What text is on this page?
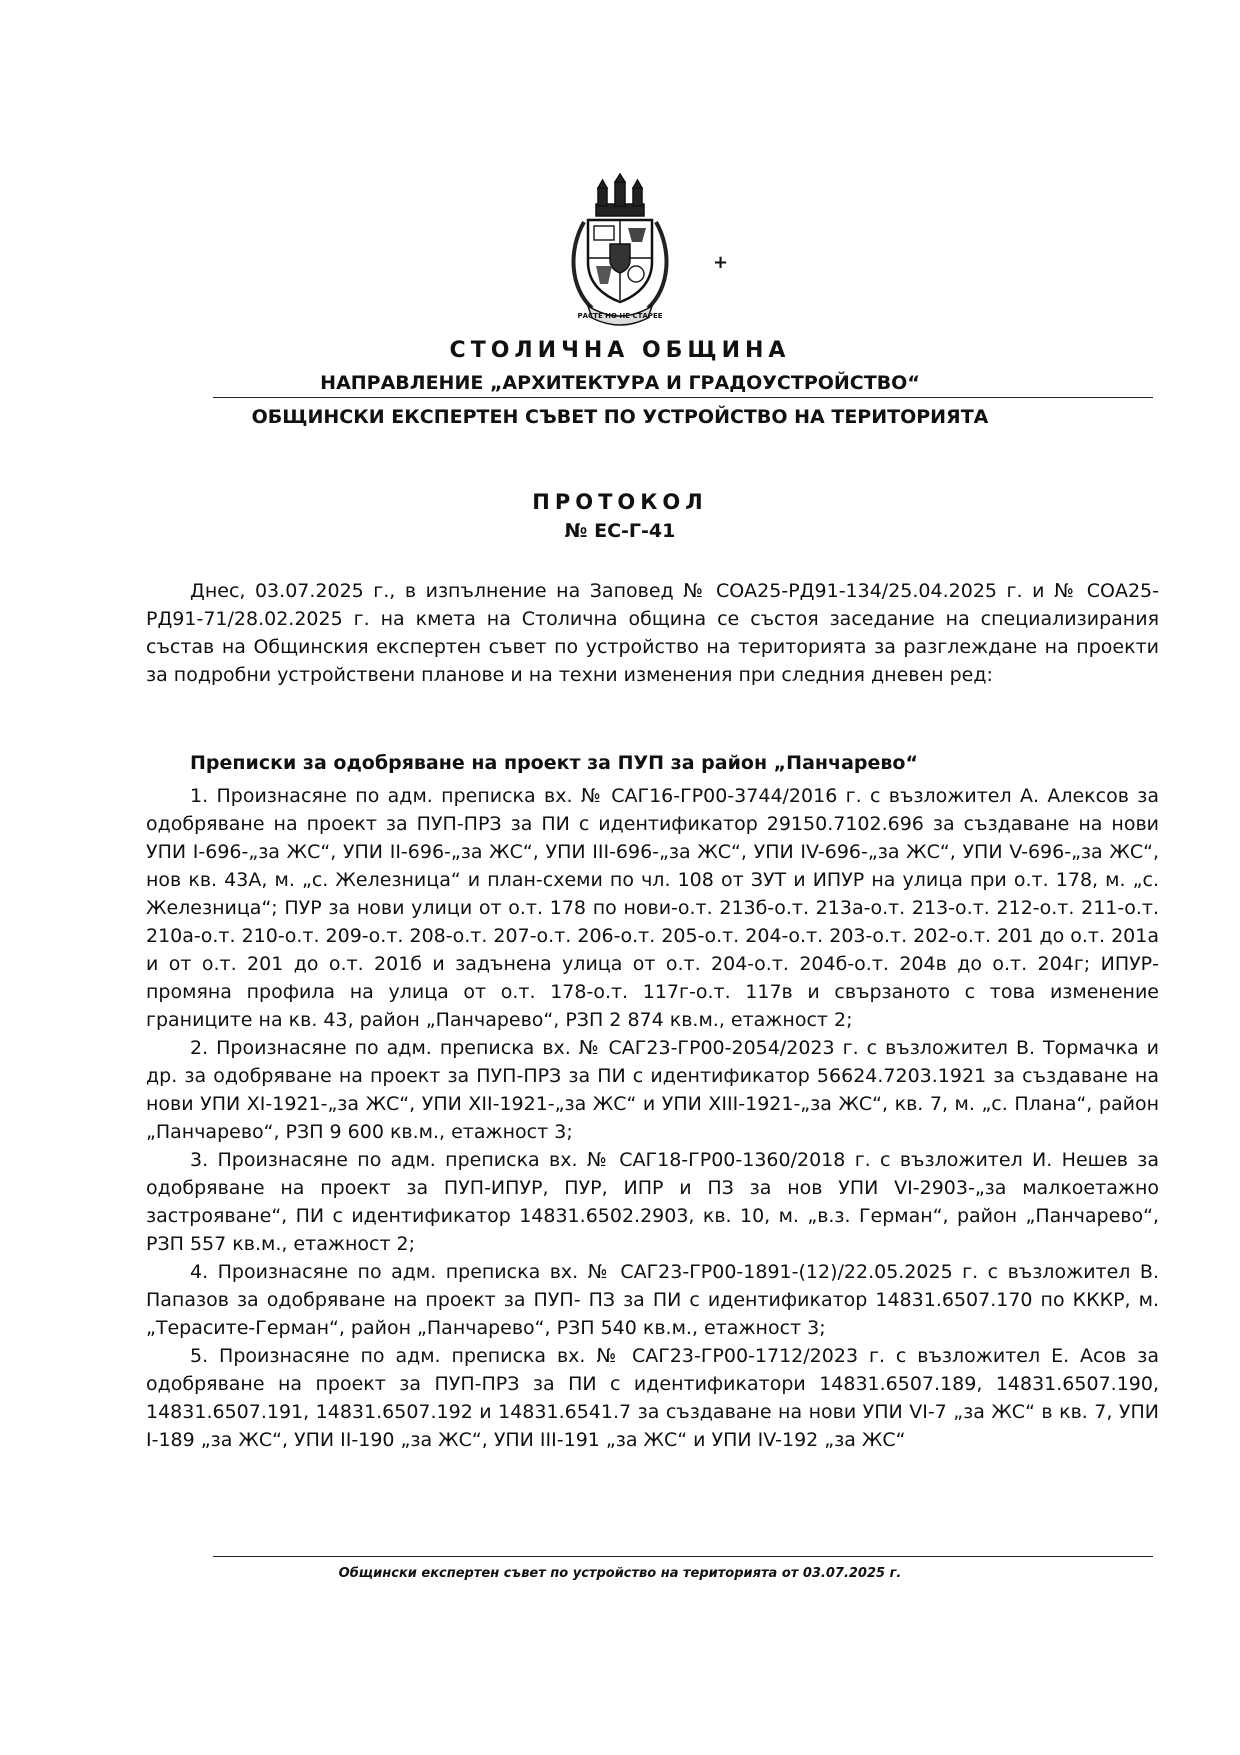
РАСТЕ НО НЕ СТАРЕЕ
+
СТОЛИЧНА ОБЩИНА
НАПРАВЛЕНИЕ „АРХИТЕКТУРА И ГРАДОУСТРОЙСТВО“
ОБЩИНСКИ ЕКСПЕРТЕН СЪВЕТ ПО УСТРОЙСТВО НА ТЕРИТОРИЯТА
ПРОТОКОЛ
№ ЕС-Г-41

Днес, 03.07.2025 г., в изпълнение на Заповед № СОА25-РД91-134/25.04.2025 г. и № СОА25-РД91-71/28.02.2025 г. на кмета на Столична община се състоя заседание на специализирания състав на Общинския експертен съвет по устройство на територията за разглеждане на проекти за подробни устройствени планове и на техни изменения при следния дневен ред:

Преписки за одобряване на проект за ПУП за район „Панчарево“

1. Произнасяне по адм. преписка вх. № САГ16-ГР00-3744/2016 г. с възложител А. Алексов за одобряване на проект за ПУП-ПРЗ за ПИ с идентификатор 29150.7102.696 за създаване на нови УПИ I-696-„за ЖС“, УПИ II-696-„за ЖС“, УПИ III-696-„за ЖС“, УПИ IV-696-„за ЖС“, УПИ V-696-„за ЖС“, нов кв. 43А, м. „с. Железница“ и план-схеми по чл. 108 от ЗУТ и ИПУР на улица при о.т. 178, м. „с. Железница“; ПУР за нови улици от о.т. 178 по нови-о.т. 213б-о.т. 213а-о.т. 213-о.т. 212-о.т. 211-о.т. 210а-о.т. 210-о.т. 209-о.т. 208-о.т. 207-о.т. 206-о.т. 205-о.т. 204-о.т. 203-о.т. 202-о.т. 201 до о.т. 201а и от о.т. 201 до о.т. 201б и задънена улица от о.т. 204-о.т. 204б-о.т. 204в до о.т. 204г; ИПУР-промяна профила на улица от о.т. 178-о.т. 117г-о.т. 117в и свързаното с това изменение границите на кв. 43, район „Панчарево“, РЗП 2 874 кв.м., етажност 2;

2. Произнасяне по адм. преписка вх. № САГ23-ГР00-2054/2023 г. с възложител В. Тормачка и др. за одобряване на проект за ПУП-ПРЗ за ПИ с идентификатор 56624.7203.1921 за създаване на нови УПИ XI-1921-„за ЖС“, УПИ XII-1921-„за ЖС“ и УПИ XIII-1921-„за ЖС“, кв. 7, м. „с. Плана“, район „Панчарево“, РЗП 9 600 кв.м., етажност 3;

3. Произнасяне по адм. преписка вх. № САГ18-ГР00-1360/2018 г. с възложител И. Нешев за одобряване на проект за ПУП-ИПУР, ПУР, ИПР и ПЗ за нов УПИ VI-2903-„за малкоетажно застрояване“, ПИ с идентификатор 14831.6502.2903, кв. 10, м. „в.з. Герман“, район „Панчарево“, РЗП 557 кв.м., етажност 2;

4. Произнасяне по адм. преписка вх. № САГ23-ГР00-1891-(12)/22.05.2025 г. с възложител В. Папазов за одобряване на проект за ПУП- ПЗ за ПИ с идентификатор 14831.6507.170 по КККР, м. „Терасите-Герман“, район „Панчарево“, РЗП 540 кв.м., етажност 3;

5. Произнасяне по адм. преписка вх. № САГ23-ГР00-1712/2023 г. с възложител Е. Асов за одобряване на проект за ПУП-ПРЗ за ПИ с идентификатори 14831.6507.189, 14831.6507.190, 14831.6507.191, 14831.6507.192 и 14831.6541.7 за създаване на нови УПИ VI-7 „за ЖС“ в кв. 7, УПИ I-189 „за ЖС“, УПИ II-190 „за ЖС“, УПИ III-191 „за ЖС“ и УПИ IV-192 „за ЖС“

Общински експертен съвет по устройство на територията от 03.07.2025 г.
